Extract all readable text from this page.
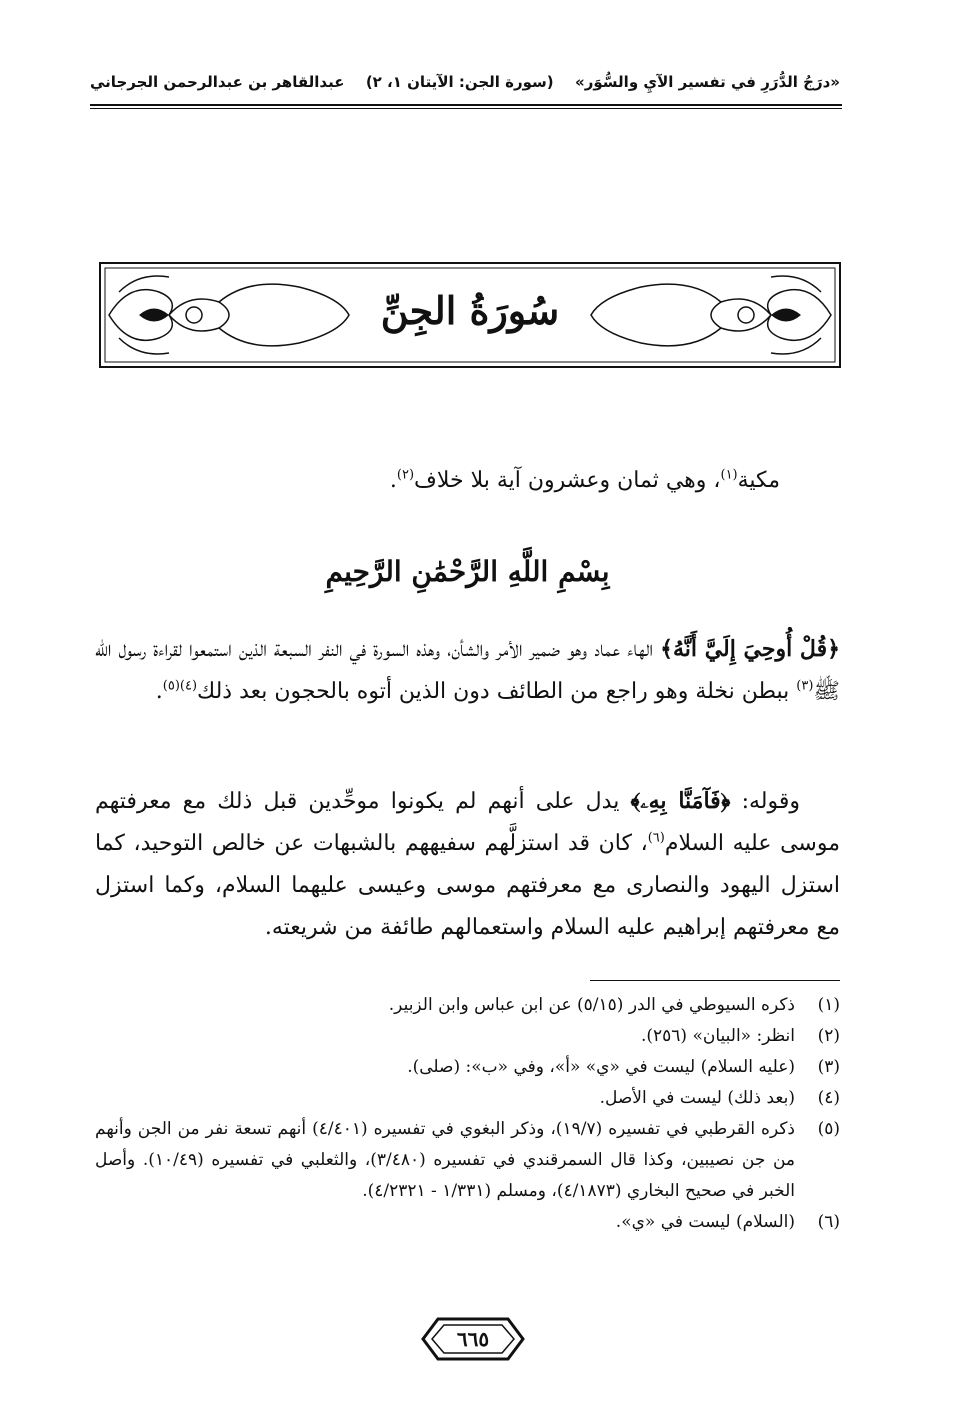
«درَجُ الدُّرَرِ في تفسير الآيِ والسُّوَر»
(سورة الجن: الآيتان ١، ٢)
عبدالقاهر بن عبدالرحمن الجرجاني
سُورَةُ الجِنِّ
مكية$^{(١)}$، وهي ثمان وعشرون آية بلا خلاف$^{(٢)}$.
بِسْمِ اللَّهِ الرَّحْمَٰنِ الرَّحِيمِ

﴿قُلْ أُوحِيَ إِلَيَّ أَنَّهُ﴾ الهاء عماد وهو ضمير الأمر والشأن، وهذه السورة في النفر السبعة الذين استمعوا لقراءة رسول الله ﷺ$^{(٣)}$ ببطن نخلة وهو راجع من الطائف دون الذين أتوه بالحجون بعد ذلك$^{(٤)(٥)}$.

وقوله: ﴿فَآمَنَّا بِهِۦ﴾ يدل على أنهم لم يكونوا موحِّدين قبل ذلك مع معرفتهم موسى عليه السلام$^{(٦)}$، كان قد استزلَّهم سفيههم بالشبهات عن خالص التوحيد، كما استزل اليهود والنصارى مع معرفتهم موسى وعيسى عليهما السلام، وكما استزل مع معرفتهم إبراهيم عليه السلام واستعمالهم طائفة من شريعته.

(١)
ذكره السيوطي في الدر (٥/١٥) عن ابن عباس وابن الزبير.
(٢)
انظر: «البيان» (٢٥٦).
(٣)
(عليه السلام) ليست في «ي» «أ»، وفي «ب»: (صلى).
(٤)
(بعد ذلك) ليست في الأصل.
(٥)
ذكره القرطبي في تفسيره (١٩/٧)، وذكر البغوي في تفسيره (٤/٤٠١) أنهم تسعة نفر من الجن وأنهم من جن نصيبين، وكذا قال السمرقندي في تفسيره (٣/٤٨٠)، والثعلبي في تفسيره (١٠/٤٩). وأصل الخبر في صحيح البخاري (٤/١٨٧٣)، ومسلم (١/٣٣١ - ٤/٢٣٢١).
(٦)
(السلام) ليست في «ي».
٦٦٥
